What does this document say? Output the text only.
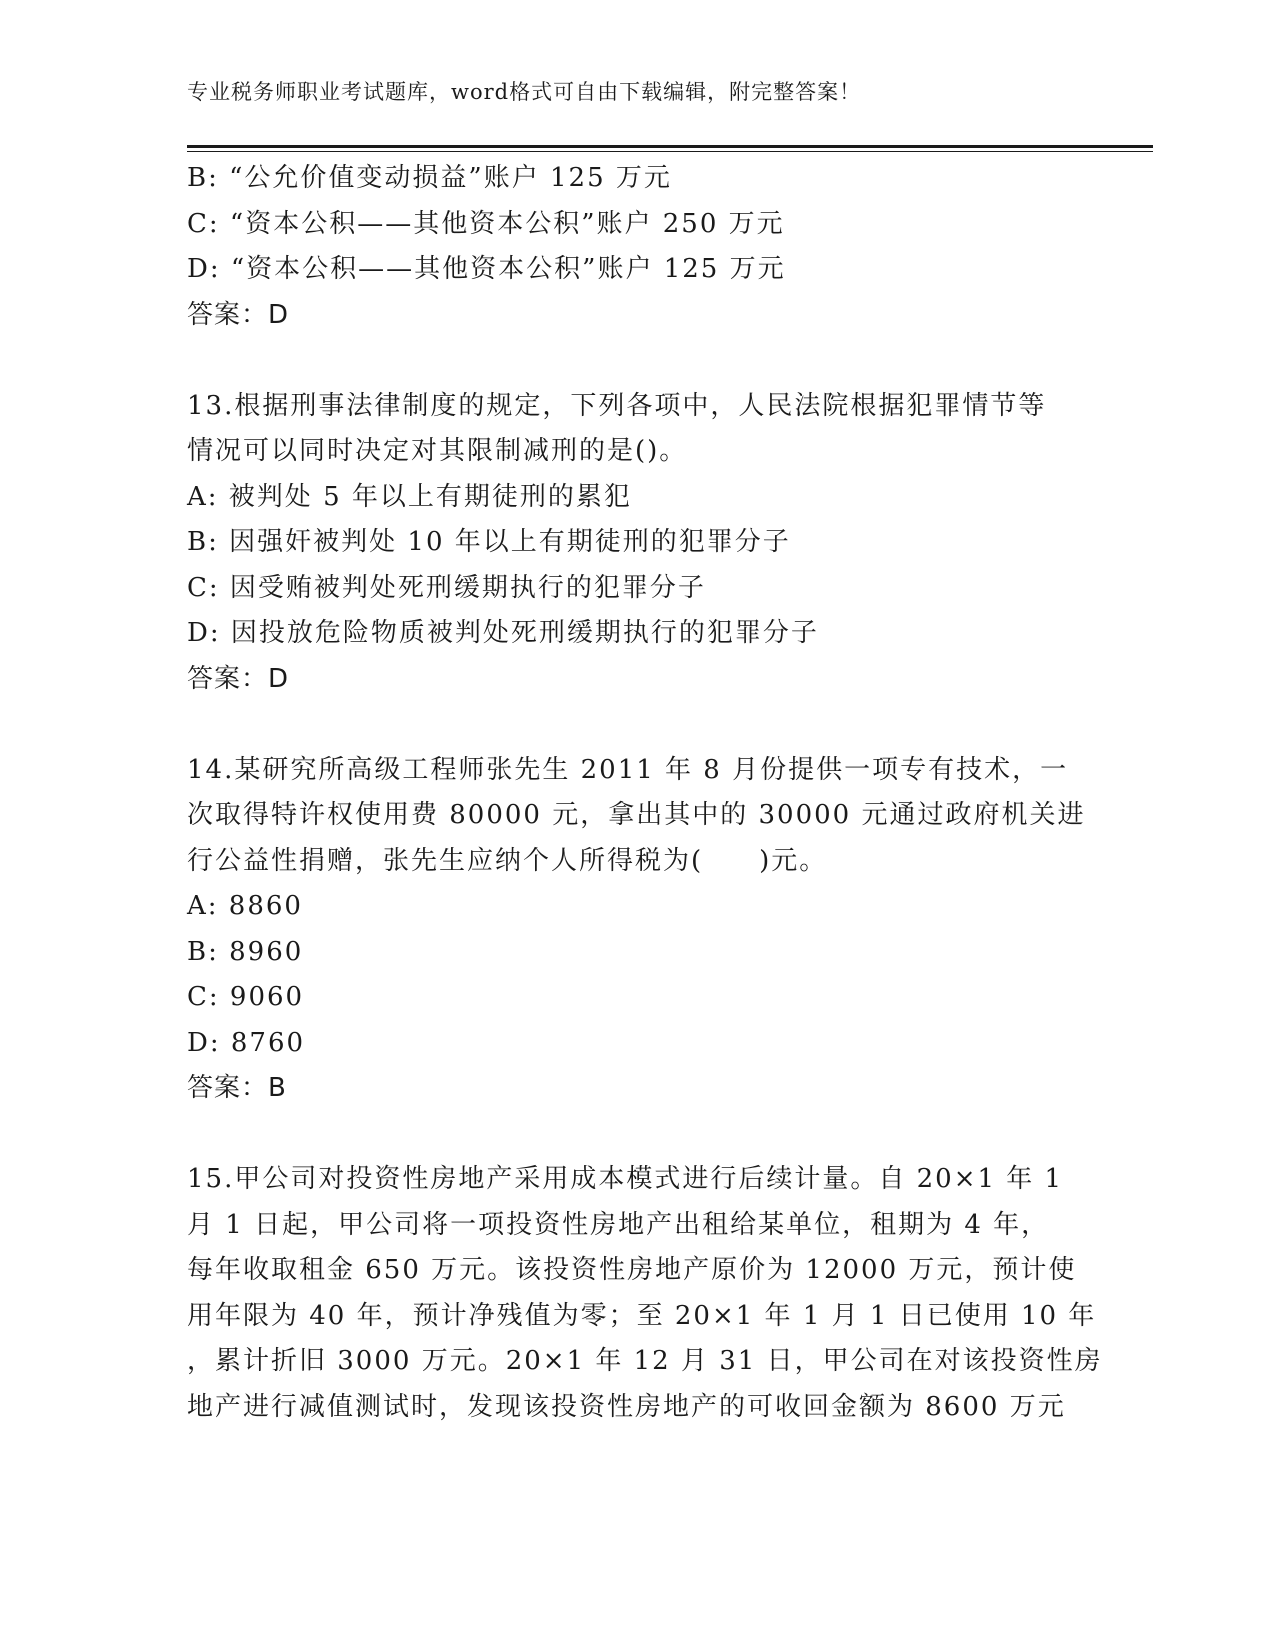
专业税务师职业考试题库，word格式可自由下载编辑，附完整答案！
B: “公允价值变动损益”账户 125 万元
C: “资本公积——其他资本公积”账户 250 万元
D: “资本公积——其他资本公积”账户 125 万元
答案：D
13.根据刑事法律制度的规定，下列各项中，人民法院根据犯罪情节等
情况可以同时决定对其限制减刑的是()。
A: 被判处 5 年以上有期徒刑的累犯
B: 因强奸被判处 10 年以上有期徒刑的犯罪分子
C: 因受贿被判处死刑缓期执行的犯罪分子
D: 因投放危险物质被判处死刑缓期执行的犯罪分子
答案：D
14.某研究所高级工程师张先生 2011 年 8 月份提供一项专有技术，一
次取得特许权使用费 80000 元，拿出其中的 30000 元通过政府机关进
行公益性捐赠，张先生应纳个人所得税为(　　)元。
A: 8860
B: 8960
C: 9060
D: 8760
答案：B
15.甲公司对投资性房地产采用成本模式进行后续计量。自 20×1 年 1
月 1 日起，甲公司将一项投资性房地产出租给某单位，租期为 4 年，
每年收取租金 650 万元。该投资性房地产原价为 12000 万元，预计使
用年限为 40 年，预计净残值为零；至 20×1 年 1 月 1 日已使用 10 年
，累计折旧 3000 万元。20×1 年 12 月 31 日，甲公司在对该投资性房
地产进行减值测试时，发现该投资性房地产的可收回金额为 8600 万元
